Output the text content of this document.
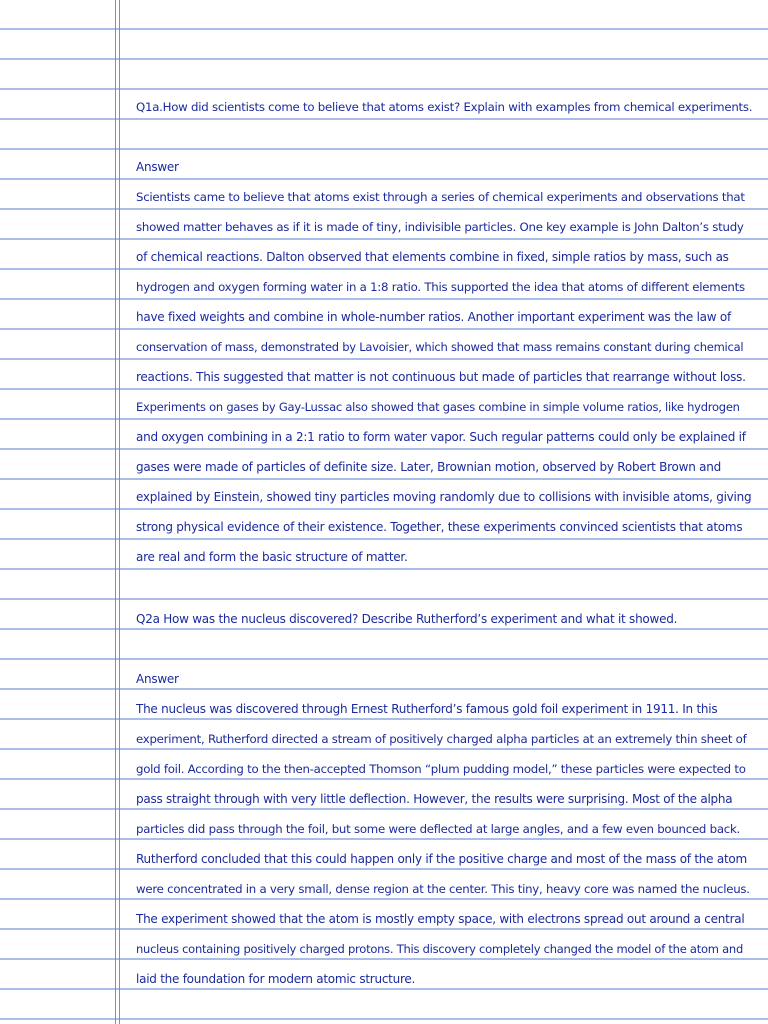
Q1a.How did scientists come to believe that atoms exist? Explain with examples from chemical experiments.
Answer
Scientists came to believe that atoms exist through a series of chemical experiments and observations that
showed matter behaves as if it is made of tiny, indivisible particles. One key example is John Dalton’s study
of chemical reactions. Dalton observed that elements combine in fixed, simple ratios by mass, such as
hydrogen and oxygen forming water in a 1:8 ratio. This supported the idea that atoms of different elements
have fixed weights and combine in whole-number ratios. Another important experiment was the law of
conservation of mass, demonstrated by Lavoisier, which showed that mass remains constant during chemical
reactions. This suggested that matter is not continuous but made of particles that rearrange without loss.
Experiments on gases by Gay-Lussac also showed that gases combine in simple volume ratios, like hydrogen
and oxygen combining in a 2:1 ratio to form water vapor. Such regular patterns could only be explained if
gases were made of particles of definite size. Later, Brownian motion, observed by Robert Brown and
explained by Einstein, showed tiny particles moving randomly due to collisions with invisible atoms, giving
strong physical evidence of their existence. Together, these experiments convinced scientists that atoms
are real and form the basic structure of matter.
Q2a How was the nucleus discovered? Describe Rutherford’s experiment and what it showed.
Answer
The nucleus was discovered through Ernest Rutherford’s famous gold foil experiment in 1911. In this
experiment, Rutherford directed a stream of positively charged alpha particles at an extremely thin sheet of
gold foil. According to the then-accepted Thomson “plum pudding model,” these particles were expected to
pass straight through with very little deflection. However, the results were surprising. Most of the alpha
particles did pass through the foil, but some were deflected at large angles, and a few even bounced back.
Rutherford concluded that this could happen only if the positive charge and most of the mass of the atom
were concentrated in a very small, dense region at the center. This tiny, heavy core was named the nucleus.
The experiment showed that the atom is mostly empty space, with electrons spread out around a central
nucleus containing positively charged protons. This discovery completely changed the model of the atom and
laid the foundation for modern atomic structure.
